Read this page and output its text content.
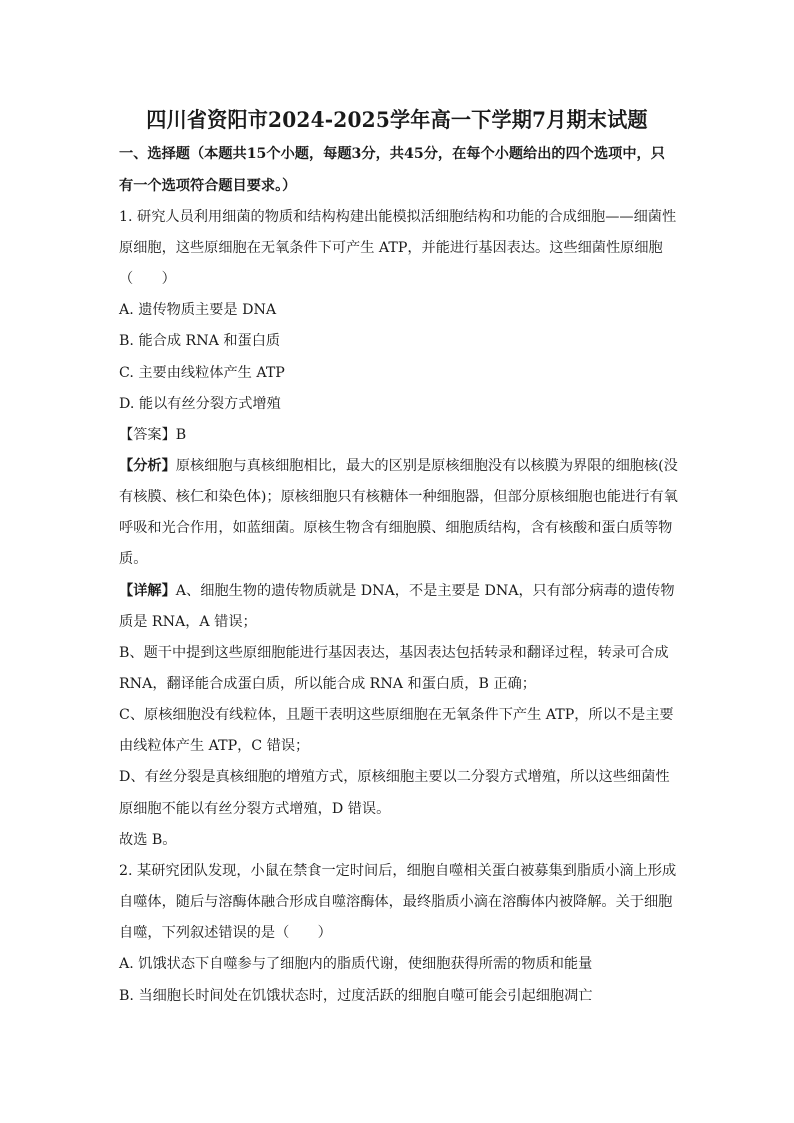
四川省资阳市2024-2025学年高一下学期7月期末试题
一、选择题（本题共15个小题，每题3分，共45分，在每个小题给出的四个选项中，只
有一个选项符合题目要求。）
1. 研究人员利用细菌的物质和结构构建出能模拟活细胞结构和功能的合成细胞——细菌性
原细胞，这些原细胞在无氧条件下可产生 ATP，并能进行基因表达。这些细菌性原细胞
（　　）
A. 遗传物质主要是 DNA
B. 能合成 RNA 和蛋白质
C. 主要由线粒体产生 ATP
D. 能以有丝分裂方式增殖
【答案】B
【分析】原核细胞与真核细胞相比，最大的区别是原核细胞没有以核膜为界限的细胞核(没
有核膜、核仁和染色体)；原核细胞只有核糖体一种细胞器，但部分原核细胞也能进行有氧
呼吸和光合作用，如蓝细菌。原核生物含有细胞膜、细胞质结构，含有核酸和蛋白质等物
质。
【详解】A、细胞生物的遗传物质就是 DNA，不是主要是 DNA，只有部分病毒的遗传物
质是 RNA，A 错误；
B、题干中提到这些原细胞能进行基因表达，基因表达包括转录和翻译过程，转录可合成
RNA，翻译能合成蛋白质，所以能合成 RNA 和蛋白质，B 正确；
C、原核细胞没有线粒体，且题干表明这些原细胞在无氧条件下产生 ATP，所以不是主要
由线粒体产生 ATP，C 错误；
D、有丝分裂是真核细胞的增殖方式，原核细胞主要以二分裂方式增殖，所以这些细菌性
原细胞不能以有丝分裂方式增殖，D 错误。
故选 B。
2. 某研究团队发现，小鼠在禁食一定时间后，细胞自噬相关蛋白被募集到脂质小滴上形成
自噬体，随后与溶酶体融合形成自噬溶酶体，最终脂质小滴在溶酶体内被降解。关于细胞
自噬，下列叙述错误的是（　　）
A. 饥饿状态下自噬参与了细胞内的脂质代谢，使细胞获得所需的物质和能量
B. 当细胞长时间处在饥饿状态时，过度活跃的细胞自噬可能会引起细胞凋亡
